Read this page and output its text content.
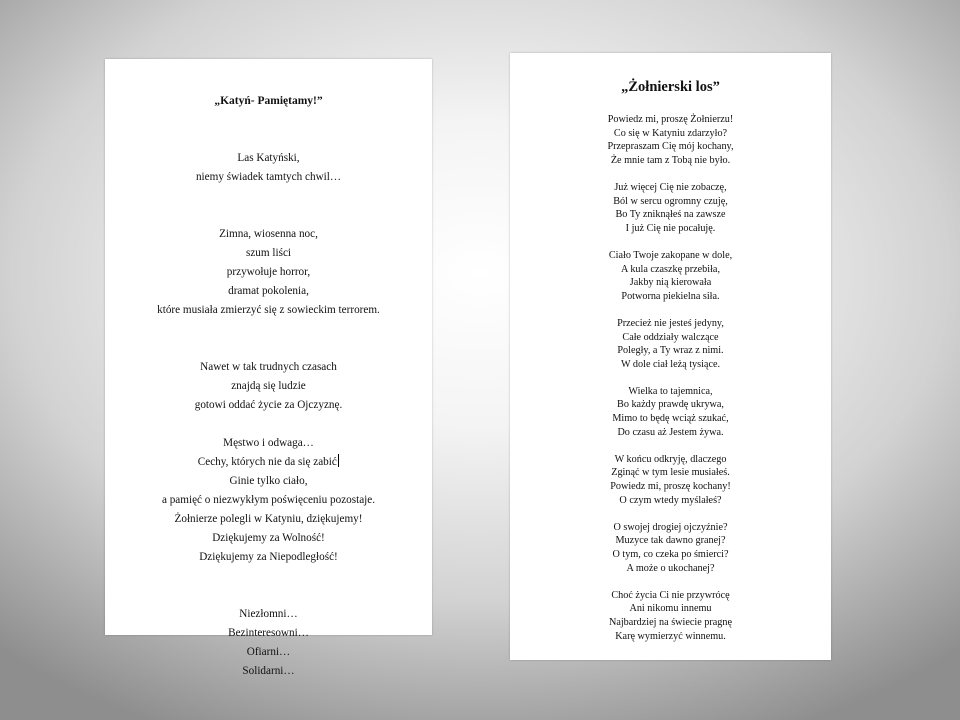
„Katyń- Pamiętamy!”
Las Katyński,
niemy świadek tamtych chwil…
Zimna, wiosenna noc,
szum liści
przywołuje horror,
dramat pokolenia,
które musiała zmierzyć się z sowieckim terrorem.
Nawet w tak trudnych czasach
znajdą się ludzie
gotowi oddać życie za Ojczyznę.
Męstwo i odwaga…
Cechy, których nie da się zabić
Ginie tylko ciało,
a pamięć o niezwykłym poświęceniu pozostaje.
Żołnierze polegli w Katyniu, dziękujemy!
Dziękujemy za Wolność!
Dziękujemy za Niepodległość!
Niezłomni…
Bezinteresowni…
Ofiarni…
Solidarni…
„Żołnierski los”
Powiedz mi, proszę Żołnierzu!
Co się w Katyniu zdarzyło?
Przepraszam Cię mój kochany,
Że mnie tam z Tobą nie było.
Już więcej Cię nie zobaczę,
Ból w sercu ogromny czuję,
Bo Ty zniknąłeś na zawsze
I już Cię nie pocałuję.
Ciało Twoje zakopane w dole,
A kula czaszkę przebiła,
Jakby nią kierowała
Potworna piekielna siła.
Przecież nie jesteś jedyny,
Całe oddziały walczące
Poległy, a Ty wraz z nimi.
W dole ciał leżą tysiące.
Wielka to tajemnica,
Bo każdy prawdę ukrywa,
Mimo to będę wciąż szukać,
Do czasu aż Jestem żywa.
W końcu odkryję, dlaczego
Zginąć w tym lesie musiałeś.
Powiedz mi, proszę kochany!
O czym wtedy myślałeś?
O swojej drogiej ojczyźnie?
Muzyce tak dawno granej?
O tym, co czeka po śmierci?
A może o ukochanej?
Choć życia Ci nie przywrócę
Ani nikomu innemu
Najbardziej na świecie pragnę
Karę wymierzyć winnemu.
